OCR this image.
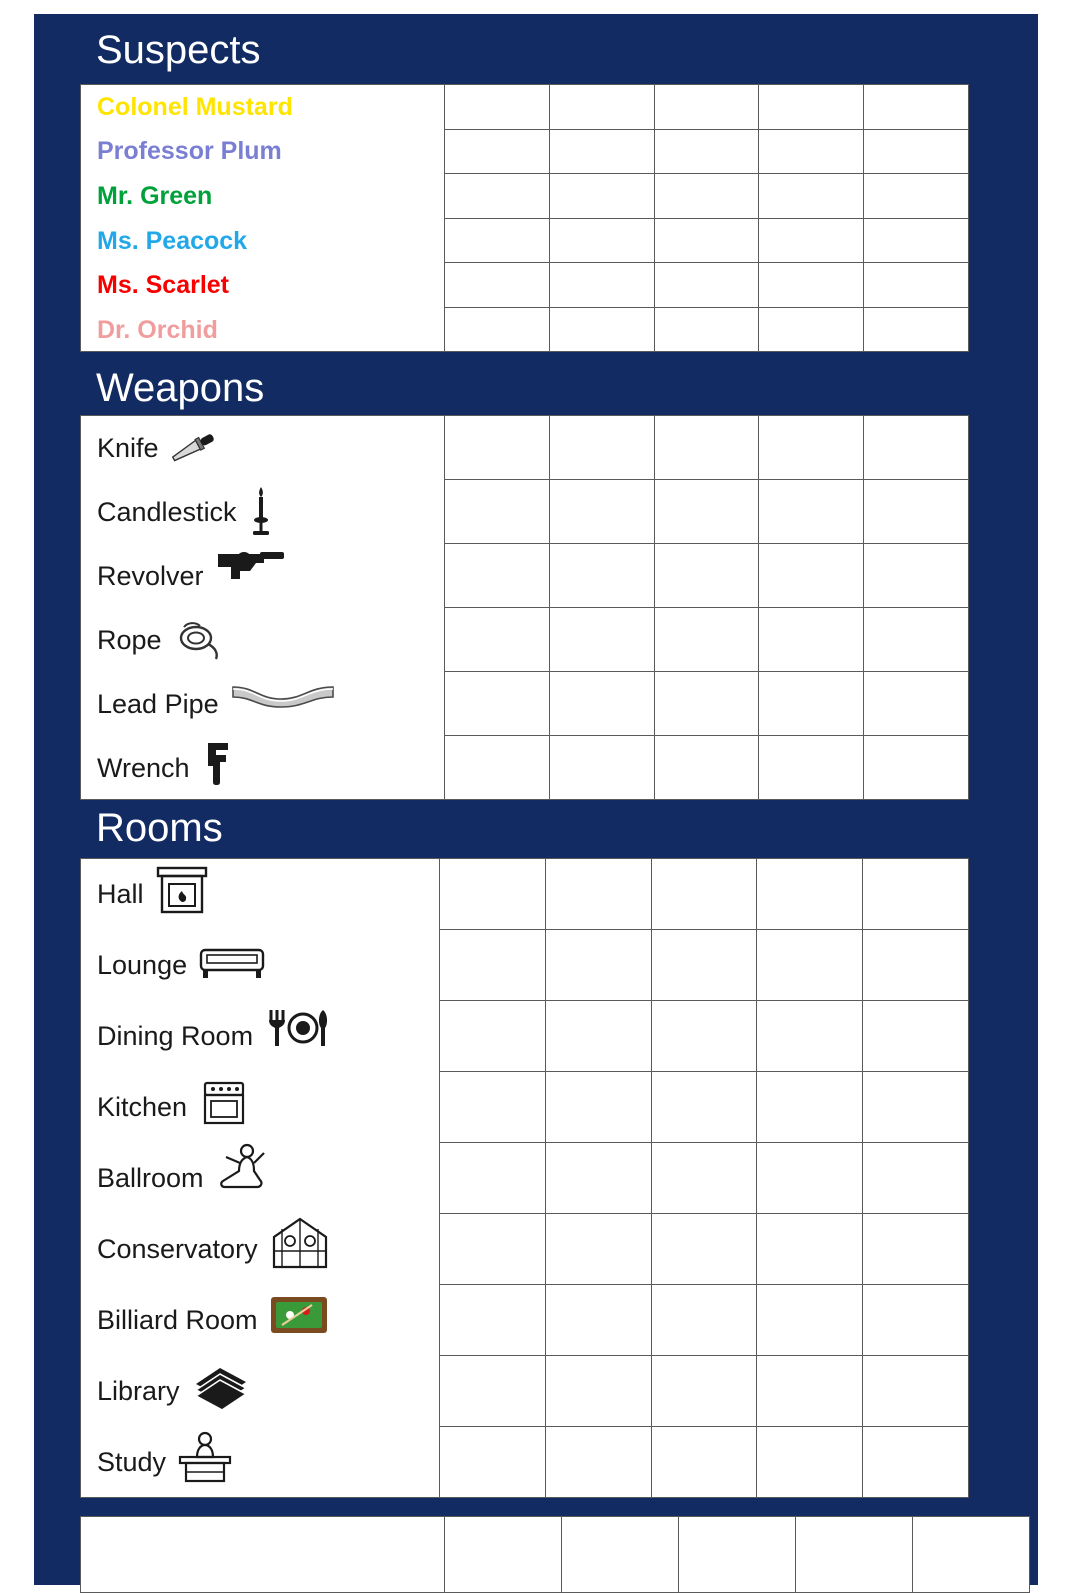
Suspects
Colonel Mustard
Professor Plum
Mr. Green
Ms. Peacock
Ms. Scarlet
Dr. Orchid
Weapons
Knife
Candlestick
Revolver
Rope
Lead Pipe
Wrench
Rooms
Hall
Lounge
Dining Room
Kitchen
Ballroom
Conservatory
Billiard Room
Library
Study
